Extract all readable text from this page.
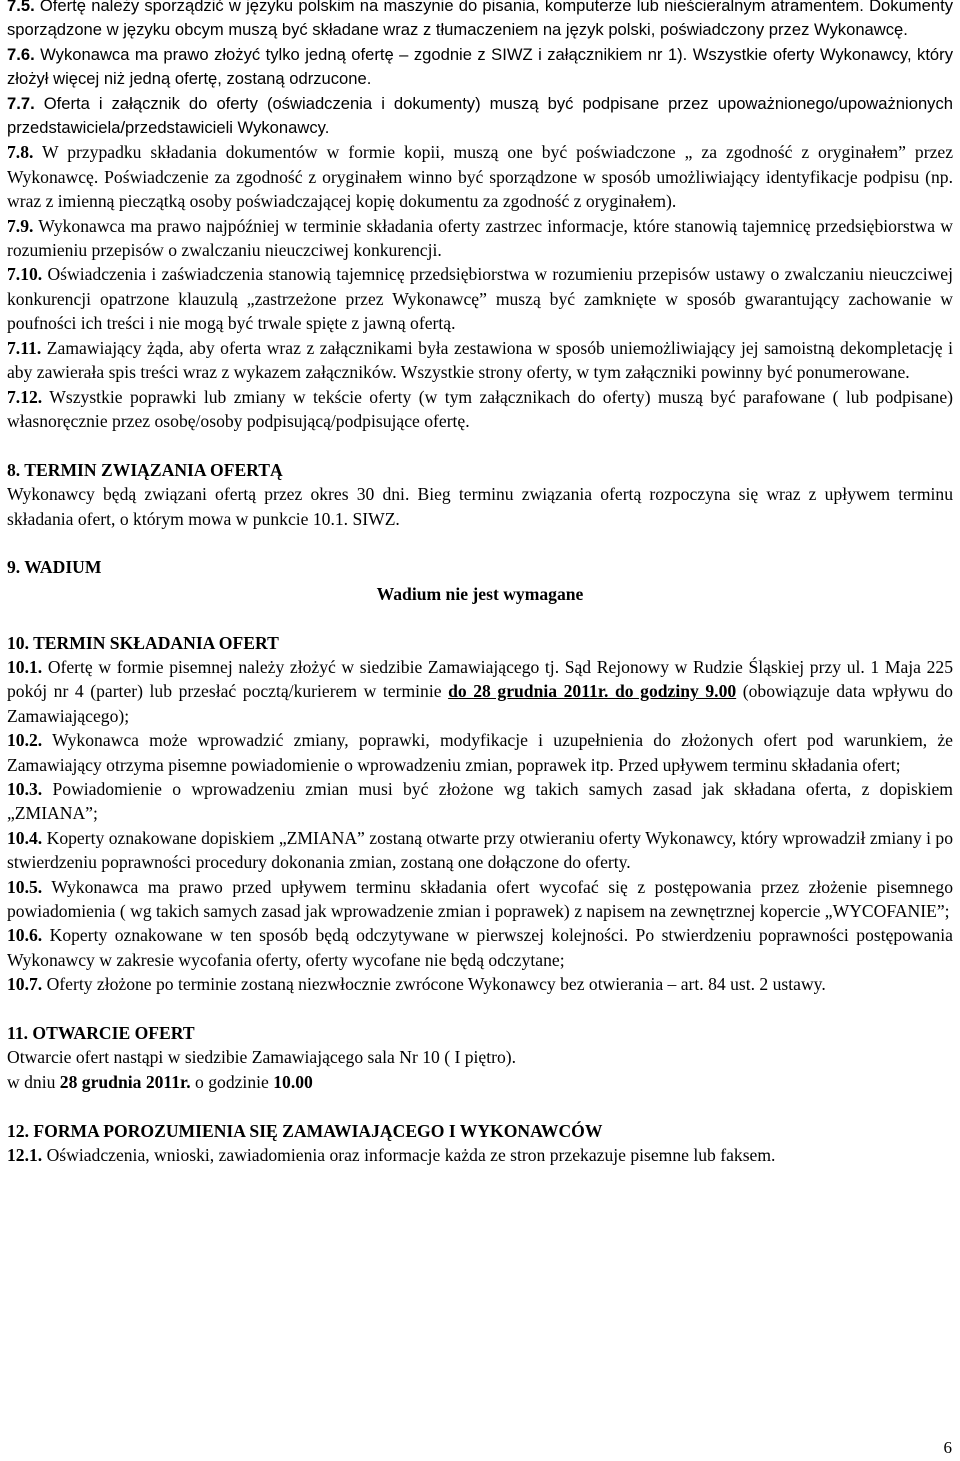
7.5. Ofertę należy sporządzić w języku polskim na maszynie do pisania, komputerze lub nieścieralnym atramentem. Dokumenty sporządzone w języku obcym muszą być składane wraz z tłumaczeniem na język polski, poświadczony przez Wykonawcę.

7.6. Wykonawca ma prawo złożyć tylko jedną ofertę – zgodnie z SIWZ i załącznikiem nr 1). Wszystkie oferty Wykonawcy, który złożył więcej niż jedną ofertę, zostaną odrzucone.

7.7. Oferta i załącznik do oferty (oświadczenia i dokumenty) muszą być podpisane przez upoważnionego/upoważnionych przedstawiciela/przedstawicieli Wykonawcy.

7.8. W przypadku składania dokumentów w formie kopii, muszą one być poświadczone „ za zgodność z oryginałem” przez Wykonawcę. Poświadczenie za zgodność z oryginałem winno być sporządzone w sposób umożliwiający identyfikacje podpisu (np. wraz z imienną pieczątką osoby poświadczającej kopię dokumentu za zgodność z oryginałem).

7.9. Wykonawca ma prawo najpóźniej w terminie składania oferty zastrzec informacje, które stanowią tajemnicę przedsiębiorstwa w rozumieniu przepisów o zwalczaniu nieuczciwej konkurencji.

7.10. Oświadczenia i zaświadczenia stanowią tajemnicę przedsiębiorstwa w rozumieniu przepisów ustawy o zwalczaniu nieuczciwej konkurencji opatrzone klauzulą „zastrzeżone przez Wykonawcę” muszą być zamknięte w sposób gwarantujący zachowanie w poufności ich treści i nie mogą być trwale spięte z jawną ofertą.

7.11. Zamawiający żąda, aby oferta wraz z załącznikami była zestawiona w sposób uniemożliwiający jej samoistną dekompletację i aby zawierała spis treści wraz z wykazem załączników. Wszystkie strony oferty, w tym załączniki powinny być ponumerowane.

7.12. Wszystkie poprawki lub zmiany w tekście oferty (w tym załącznikach do oferty) muszą być parafowane ( lub podpisane) własnoręcznie przez osobę/osoby podpisującą/podpisujące ofertę.

8. TERMIN ZWIĄZANIA OFERTĄ

Wykonawcy będą związani ofertą przez okres 30 dni. Bieg terminu związania ofertą rozpoczyna się wraz z upływem terminu składania ofert, o którym mowa w punkcie 10.1. SIWZ.

9. WADIUM

Wadium nie jest wymagane

10. TERMIN SKŁADANIA OFERT

10.1. Ofertę w formie pisemnej należy złożyć w siedzibie Zamawiającego tj. Sąd Rejonowy w Rudzie Śląskiej przy ul. 1 Maja 225 pokój nr 4 (parter) lub przesłać pocztą/kurierem w terminie do 28 grudnia 2011r. do godziny 9.00 (obowiązuje data wpływu do Zamawiającego);

10.2. Wykonawca może wprowadzić zmiany, poprawki, modyfikacje i uzupełnienia do złożonych ofert pod warunkiem, że Zamawiający otrzyma pisemne powiadomienie o wprowadzeniu zmian, poprawek itp. Przed upływem terminu składania ofert;

10.3. Powiadomienie o wprowadzeniu zmian musi być złożone wg takich samych zasad jak składana oferta, z dopiskiem „ZMIANA”;

10.4. Koperty oznakowane dopiskiem „ZMIANA” zostaną otwarte przy otwieraniu oferty Wykonawcy, który wprowadził zmiany i po stwierdzeniu poprawności procedury dokonania zmian, zostaną one dołączone do oferty.

10.5. Wykonawca ma prawo przed upływem terminu składania ofert wycofać się z postępowania przez złożenie pisemnego powiadomienia ( wg takich samych zasad jak wprowadzenie zmian i poprawek) z napisem na zewnętrznej kopercie „WYCOFANIE”;

10.6. Koperty oznakowane w ten sposób będą odczytywane w pierwszej kolejności. Po stwierdzeniu poprawności postępowania Wykonawcy w zakresie wycofania oferty, oferty wycofane nie będą odczytane;

10.7. Oferty złożone po terminie zostaną niezwłocznie zwrócone Wykonawcy bez otwierania – art. 84 ust. 2 ustawy.

11. OTWARCIE OFERT

Otwarcie ofert nastąpi w siedzibie Zamawiającego sala Nr 10 ( I piętro).

w dniu 28 grudnia 2011r. o godzinie 10.00

12. FORMA POROZUMIENIA SIĘ ZAMAWIAJĄCEGO I WYKONAWCÓW

12.1. Oświadczenia, wnioski, zawiadomienia oraz informacje każda ze stron przekazuje pisemne lub faksem.

6
